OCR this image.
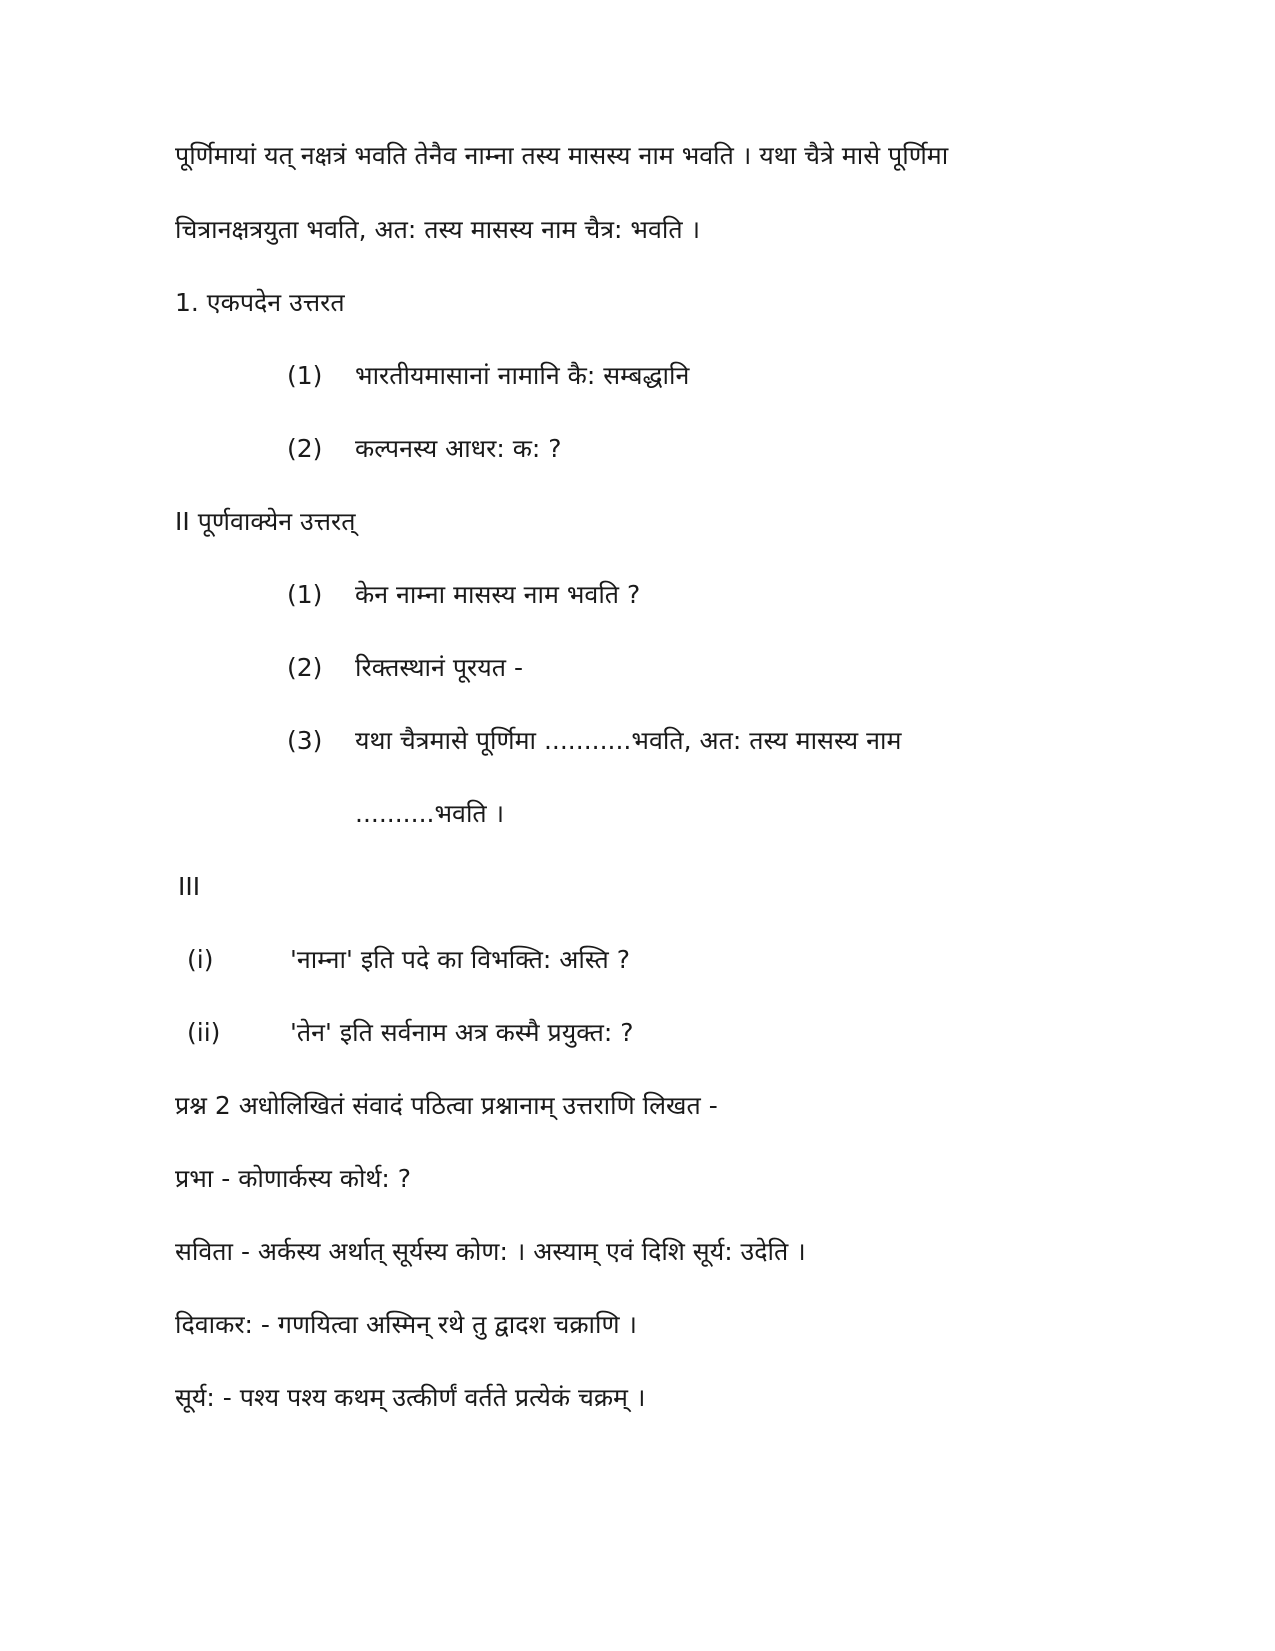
पूर्णिमायां यत् नक्षत्रं भवति तेनैव नाम्ना तस्य मासस्य नाम भवति । यथा चैत्रे मासे पूर्णिमा
चित्रानक्षत्रयुता भवति, अत: तस्य मासस्य नाम चैत्र: भवति ।
1. एकपदेन उत्तरत
(1) भारतीयमासानां नामानि कै: सम्बद्धानि
(2) कल्पनस्य आधर: क: ?
II पूर्णवाक्येन उत्तरत्
(1) केन नाम्ना मासस्य नाम भवति ?
(2) रिक्तस्थानं पूरयत -
(3) यथा चैत्रमासे पूर्णिमा ...........भवति, अत: तस्य मासस्य नाम
..........भवति ।
III
(i)	'नाम्ना' इति पदे का विभक्ति: अस्ति ?
(ii)	'तेन' इति सर्वनाम अत्र कस्मै प्रयुक्त: ?
प्रश्न 2 अधोलिखितं संवादं पठित्वा प्रश्नानाम् उत्तराणि लिखत -
प्रभा - कोणार्कस्य कोर्थ: ?
सविता - अर्कस्य अर्थात् सूर्यस्य कोण: । अस्याम् एवं दिशि सूर्य: उदेति ।
दिवाकर: - गणयित्वा अस्मिन् रथे तु द्वादश चक्राणि ।
सूर्य: - पश्य पश्य कथम् उत्कीर्णं वर्तते प्रत्येकं चक्रम् ।
